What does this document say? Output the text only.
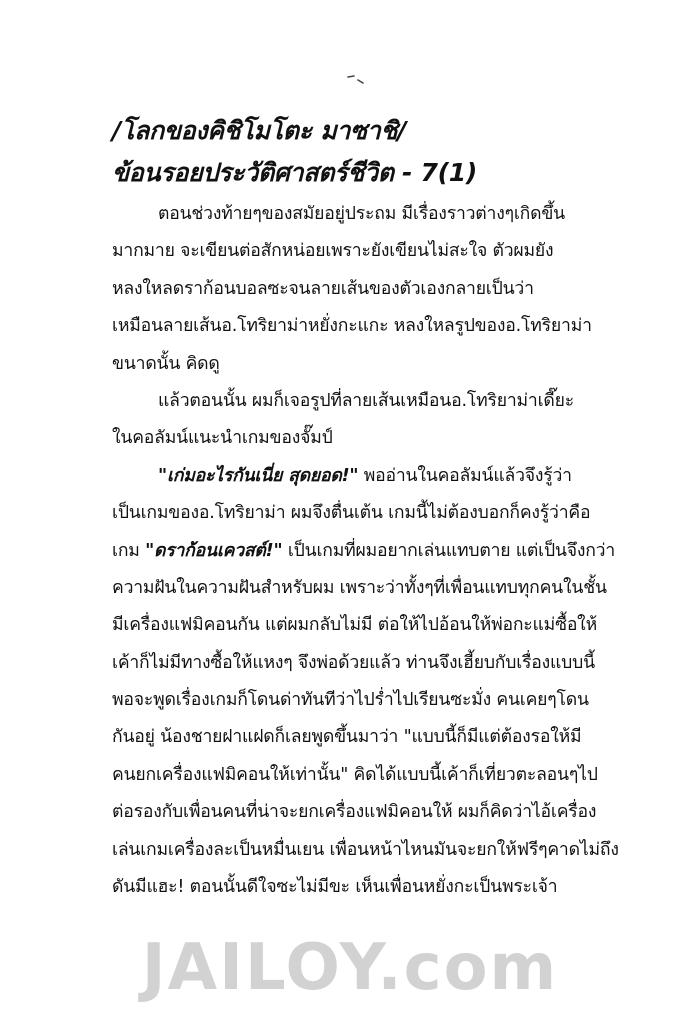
/โลกของคิชิโมโตะ มาซาชิ/
ข้อนรอยประวัติศาสตร์ชีวิต - 7(1)
ตอนช่วงท้ายๆของสมัยอยู่ประถม มีเรื่องราวต่างๆเกิดขึ้น
มากมาย จะเขียนต่อสักหน่อยเพราะยังเขียนไม่สะใจ ตัวผมยัง
หลงใหลดราก้อนบอลซะจนลายเส้นของตัวเองกลายเป็นว่า
เหมือนลายเส้นอ.โทริยาม่าหยั่งกะแกะ หลงใหลรูปของอ.โทริยาม่า
ขนาดนั้น คิดดู
แล้วตอนนั้น ผมก็เจอรูปที่ลายเส้นเหมือนอ.โทริยาม่าเดี๊ยะ
ในคอลัมน์แนะนำเกมของจั๊มป์
"เก่มอะไรกันเนี่ย สุดยอด!" พออ่านในคอลัมน์แล้วจึงรู้ว่า
เป็นเกมของอ.โทริยาม่า ผมจึงตื่นเต้น เกมนี้ไม่ต้องบอกก็คงรู้ว่าคือ
เกม "ดราก้อนเควสต์!" เป็นเกมที่ผมอยากเล่นแทบตาย แต่เป็นจึงกว่า
ความฝันในความฝันสำหรับผม เพราะว่าทั้งๆที่เพื่อนแทบทุกคนในชั้น
มีเครื่องแฟมิคอนกัน แต่ผมกลับไม่มี ต่อให้ไปอ้อนให้พ่อกะแม่ซื้อให้
เค้าก็ไม่มีทางซื้อให้แหงๆ จึงพ่อด้วยแล้ว ท่านจึงเฮี้ยบกับเรื่องแบบนี้
พอจะพูดเรื่องเกมก็โดนด่าทันทีว่าไปร่ำไปเรียนซะมั่ง คนเคยๆโดน
กันอยู่ น้องชายฝาแฝดก็เลยพูดขึ้นมาว่า "แบบนี้ก็มีแต่ต้องรอให้มี
คนยกเครื่องแฟมิคอนให้เท่านั้น" คิดได้แบบนี้เค้าก็เที่ยวตะลอนๆไป
ต่อรองกับเพื่อนคนที่น่าจะยกเครื่องแฟมิคอนให้ ผมก็คิดว่าไอ้เครื่อง
เล่นเกมเครื่องละเป็นหมื่นเยน เพื่อนหน้าไหนมันจะยกให้ฟรีๆคาดไม่ถึง
ดันมีแฮะ! ตอนนั้นดีใจซะไม่มีขะ เห็นเพื่อนหยั่งกะเป็นพระเจ้า
JAILOY.com
